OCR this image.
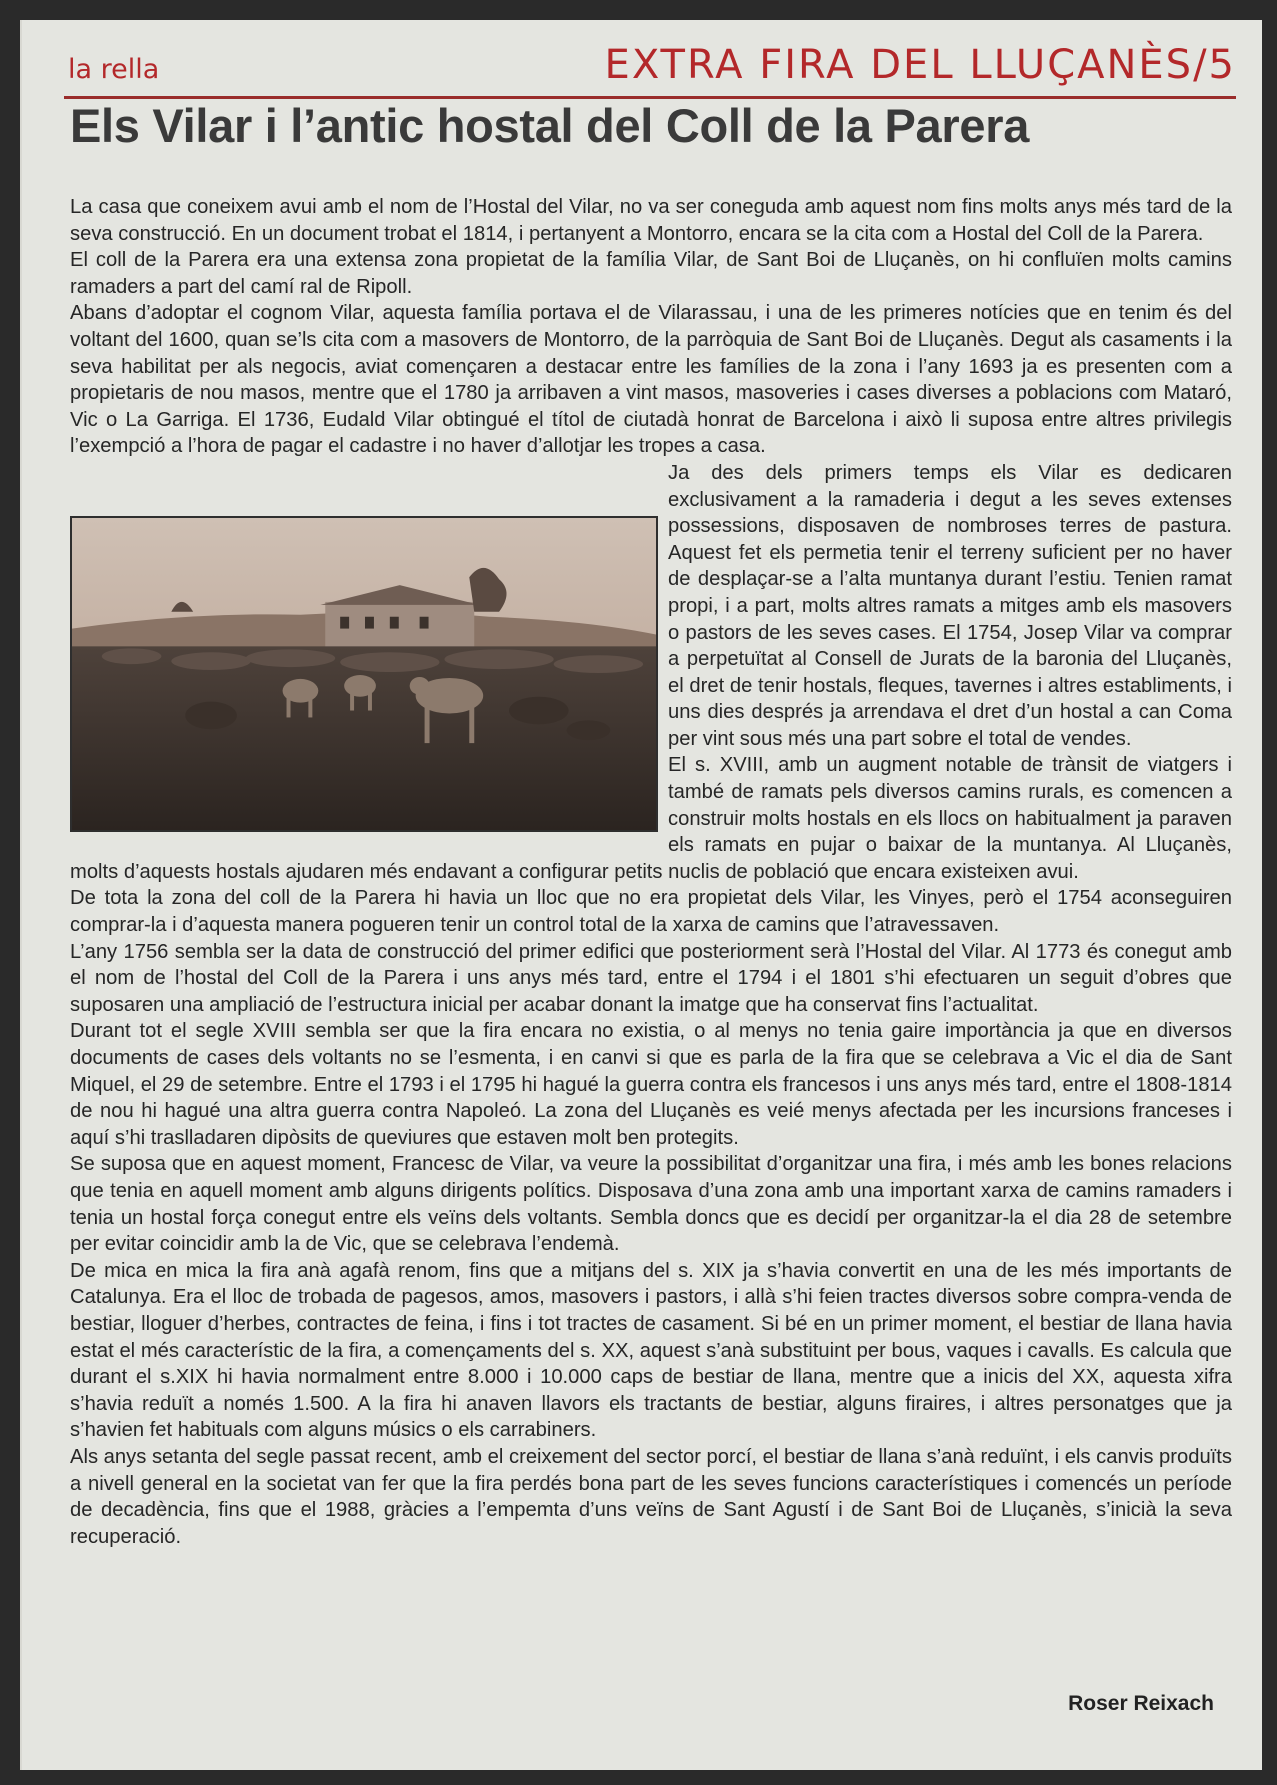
la rella	EXTRA FIRA DEL LLUÇANÈS/5
Els Vilar i l’antic hostal del Coll de la Parera

La casa que coneixem avui amb el nom de l’Hostal del Vilar, no va ser coneguda amb aquest nom fins molts anys més tard de la seva construcció. En un document trobat el 1814, i pertanyent a Montorro, encara se la cita com a Hostal del Coll de la Parera.

El coll de la Parera era una extensa zona propietat de la família Vilar, de Sant Boi de Lluçanès, on hi confluïen molts camins ramaders a part del camí ral de Ripoll.

Abans d’adoptar el cognom Vilar, aquesta família portava el de Vilarassau, i una de les primeres notícies que en tenim és del voltant del 1600, quan se’ls cita com a masovers de Montorro, de la parròquia de Sant Boi de Lluçanès. Degut als casaments i la seva habilitat per als negocis, aviat començaren a destacar entre les famílies de la zona i l’any 1693 ja es presenten com a propietaris de nou masos, mentre que el 1780 ja arribaven a vint masos, masoveries i cases diverses a poblacions com Mataró, Vic o La Garriga. El 1736, Eudald Vilar obtingué el títol de ciutadà honrat de Barcelona i això li suposa entre altres privilegis l’exempció a l’hora de pagar el cadastre i no haver d’allotjar les tropes a casa.

Ja des dels primers temps els Vilar es dedicaren exclusivament a la ramaderia i degut a les seves extenses possessions, disposaven de nombroses terres de pastura. Aquest fet els permetia tenir el terreny suficient per no haver de desplaçar-se a l’alta muntanya durant l’estiu. Tenien ramat propi, i a part, molts altres ramats a mitges amb els masovers o pastors de les seves cases. El 1754, Josep Vilar va comprar a perpetuïtat al Consell de Jurats de la baronia del Lluçanès, el dret de tenir hostals, fleques, tavernes i altres establiments, i uns dies després ja arrendava el dret d’un hostal a can Coma per vint sous més una part sobre el total de vendes.

El s. XVIII, amb un augment notable de trànsit de viatgers i també de ramats pels diversos camins rurals, es comencen a construir molts hostals en els llocs on habitualment ja paraven els ramats en pujar o baixar de la muntanya. Al Lluçanès, molts d’aquests hostals ajudaren més endavant a configurar petits nuclis de població que encara existeixen avui.

De tota la zona del coll de la Parera hi havia un lloc que no era propietat dels Vilar, les Vinyes, però el 1754 aconseguiren comprar-la i d’aquesta manera pogueren tenir un control total de la xarxa de camins que l’atravessaven.

L’any 1756 sembla ser la data de construcció del primer edifici que posteriorment serà l’Hostal del Vilar. Al 1773 és conegut amb el nom de l’hostal del Coll de la Parera i uns anys més tard, entre el 1794 i el 1801 s’hi efectuaren un seguit d’obres que suposaren una ampliació de l’estructura inicial per acabar donant la imatge que ha conservat fins l’actualitat.

Durant tot el segle XVIII sembla ser que la fira encara no existia, o al menys no tenia gaire importància ja que en diversos documents de cases dels voltants no se l’esmenta, i en canvi si que es parla de la fira que se celebrava a Vic el dia de Sant Miquel, el 29 de setembre. Entre el 1793 i el 1795 hi hagué la guerra contra els francesos i uns anys més tard, entre el 1808-1814 de nou hi hagué una altra guerra contra Napoleó. La zona del Lluçanès es veié menys afectada per les incursions franceses i aquí s’hi traslladaren dipòsits de queviures que estaven molt ben protegits.

Se suposa que en aquest moment, Francesc de Vilar, va veure la possibilitat d’organitzar una fira, i més amb les bones relacions que tenia en aquell moment amb alguns dirigents polítics. Disposava d’una zona amb una important xarxa de camins ramaders i tenia un hostal força conegut entre els veïns dels voltants. Sembla doncs que es decidí per organitzar-la el dia 28 de setembre per evitar coincidir amb la de Vic, que se celebrava l’endemà.

De mica en mica la fira anà agafà renom, fins que a mitjans del s. XIX ja s’havia convertit en una de les més importants de Catalunya. Era el lloc de trobada de pagesos, amos, masovers i pastors, i allà s’hi feien tractes diversos sobre compra-venda de bestiar, lloguer d’herbes, contractes de feina, i fins i tot tractes de casament. Si bé en un primer moment, el bestiar de llana havia estat el més característic de la fira, a començaments del s. XX, aquest s’anà substituint per bous, vaques i cavalls. Es calcula que durant el s.XIX hi havia normalment entre 8.000 i 10.000 caps de bestiar de llana, mentre que a inicis del XX, aquesta xifra s’havia reduït a només 1.500. A la fira hi anaven llavors els tractants de bestiar, alguns firaires, i altres personatges que ja s’havien fet habituals com alguns músics o els carrabiners.

Als anys setanta del segle passat recent, amb el creixement del sector porcí, el bestiar de llana s’anà reduïnt, i els canvis produïts a nivell general en la societat van fer que la fira perdés bona part de les seves funcions característiques i comencés un període de decadència, fins que el 1988, gràcies a l’empemta d’uns veïns de Sant Agustí i de Sant Boi de Lluçanès, s’inicià la seva recuperació.

Roser Reixach
